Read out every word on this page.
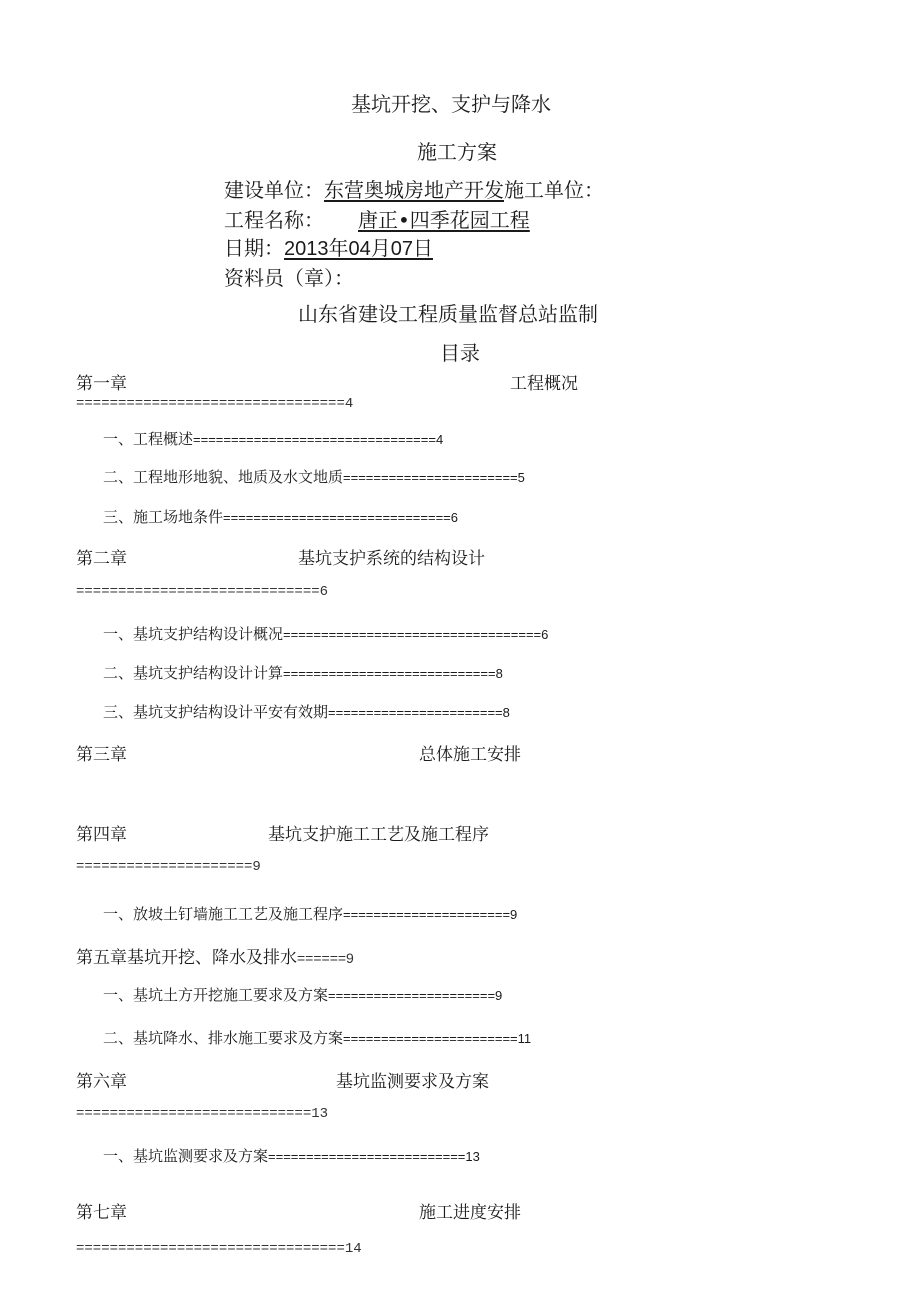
基坑开挖、支护与降水
施工方案
建设单位：东营奥城房地产开发施工单位：
工程名称： 唐正•四季花园工程
日期：2013年04月07日
资料员（章）：
山东省建设工程质量监督总站监制
目录
第一章	工程概况
================================4
一、工程概述================================4
二、工程地形地貌、地质及水文地质=======================5
三、施工场地条件==============================6
第二章	基坑支护系统的结构设计
=============================6
一、基坑支护结构设计概况==================================6
二、基坑支护结构设计计算============================8
三、基坑支护结构设计平安有效期=======================8
第三章	总体施工安排
第四章	基坑支护施工工艺及施工程序
=====================9
一、放坡土钉墙施工工艺及施工程序======================9
第五章基坑开挖、降水及排水======9
一、基坑土方开挖施工要求及方案======================9
二、基坑降水、排水施工要求及方案=======================11
第六章	基坑监测要求及方案
============================13
一、基坑监测要求及方案==========================13
第七章	施工进度安排
================================14
